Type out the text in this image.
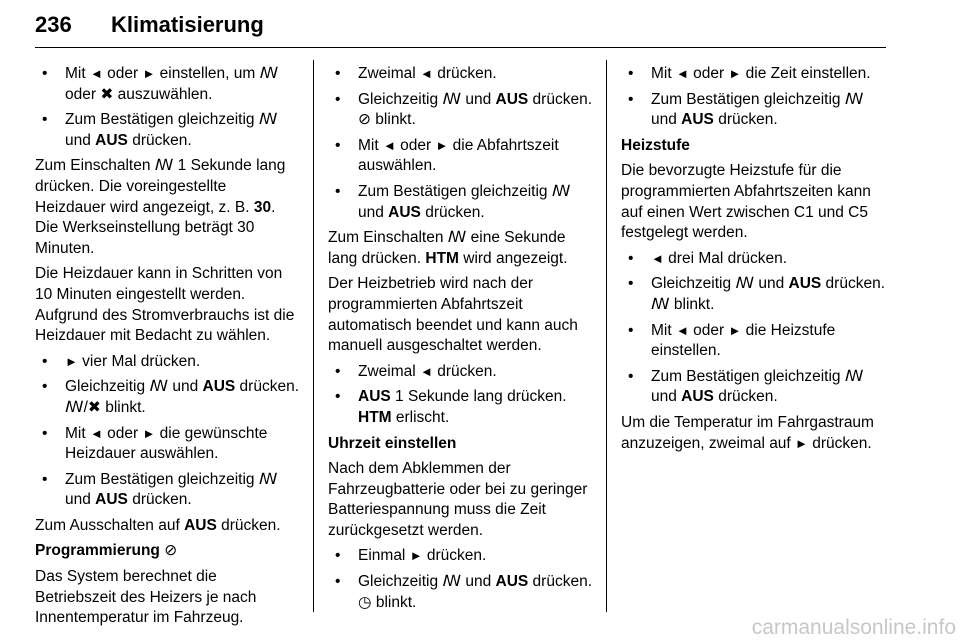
236 Klimatisierung
• Mit ◄ oder ► einstellen, um ꟿ oder ✖ auszuwählen.
• Zum Bestätigen gleichzeitig ꟿ und AUS drücken.

Zum Einschalten ꟿ 1 Sekunde lang drücken. Die voreingestellte Heizdauer wird angezeigt, z. B. 30. Die Werkseinstellung beträgt 30 Minuten.

Die Heizdauer kann in Schritten von 10 Minuten eingestellt werden. Aufgrund des Stromverbrauchs ist die Heizdauer mit Bedacht zu wählen.

• ► vier Mal drücken.
• Gleichzeitig ꟿ und AUS drücken. ꟿ/✖ blinkt.
• Mit ◄ oder ► die gewünschte Heizdauer auswählen.
• Zum Bestätigen gleichzeitig ꟿ und AUS drücken.

Zum Ausschalten auf AUS drücken.

Programmierung ⊘

Das System berechnet die Betriebszeit des Heizers je nach Innentemperatur im Fahrzeug.

• Zweimal ◄ drücken.
• Gleichzeitig ꟿ und AUS drücken. ⊘ blinkt.
• Mit ◄ oder ► die Abfahrtszeit auswählen.
• Zum Bestätigen gleichzeitig ꟿ und AUS drücken.

Zum Einschalten ꟿ eine Sekunde lang drücken. HTM wird angezeigt.

Der Heizbetrieb wird nach der programmierten Abfahrtszeit automatisch beendet und kann auch manuell ausgeschaltet werden.

• Zweimal ◄ drücken.
• AUS 1 Sekunde lang drücken. HTM erlischt.

Uhrzeit einstellen

Nach dem Abklemmen der Fahrzeugbatterie oder bei zu geringer Batteriespannung muss die Zeit zurückgesetzt werden.

• Einmal ► drücken.
• Gleichzeitig ꟿ und AUS drücken. ◷ blinkt.
• Mit ◄ oder ► die Zeit einstellen.
• Zum Bestätigen gleichzeitig ꟿ und AUS drücken.

Heizstufe

Die bevorzugte Heizstufe für die programmierten Abfahrtszeiten kann auf einen Wert zwischen C1 und C5 festgelegt werden.

• ◄ drei Mal drücken.
• Gleichzeitig ꟿ und AUS drücken. ꟿ blinkt.
• Mit ◄ oder ► die Heizstufe einstellen.
• Zum Bestätigen gleichzeitig ꟿ und AUS drücken.

Um die Temperatur im Fahrgastraum anzuzeigen, zweimal auf ► drücken.

carmanualsonline.info
